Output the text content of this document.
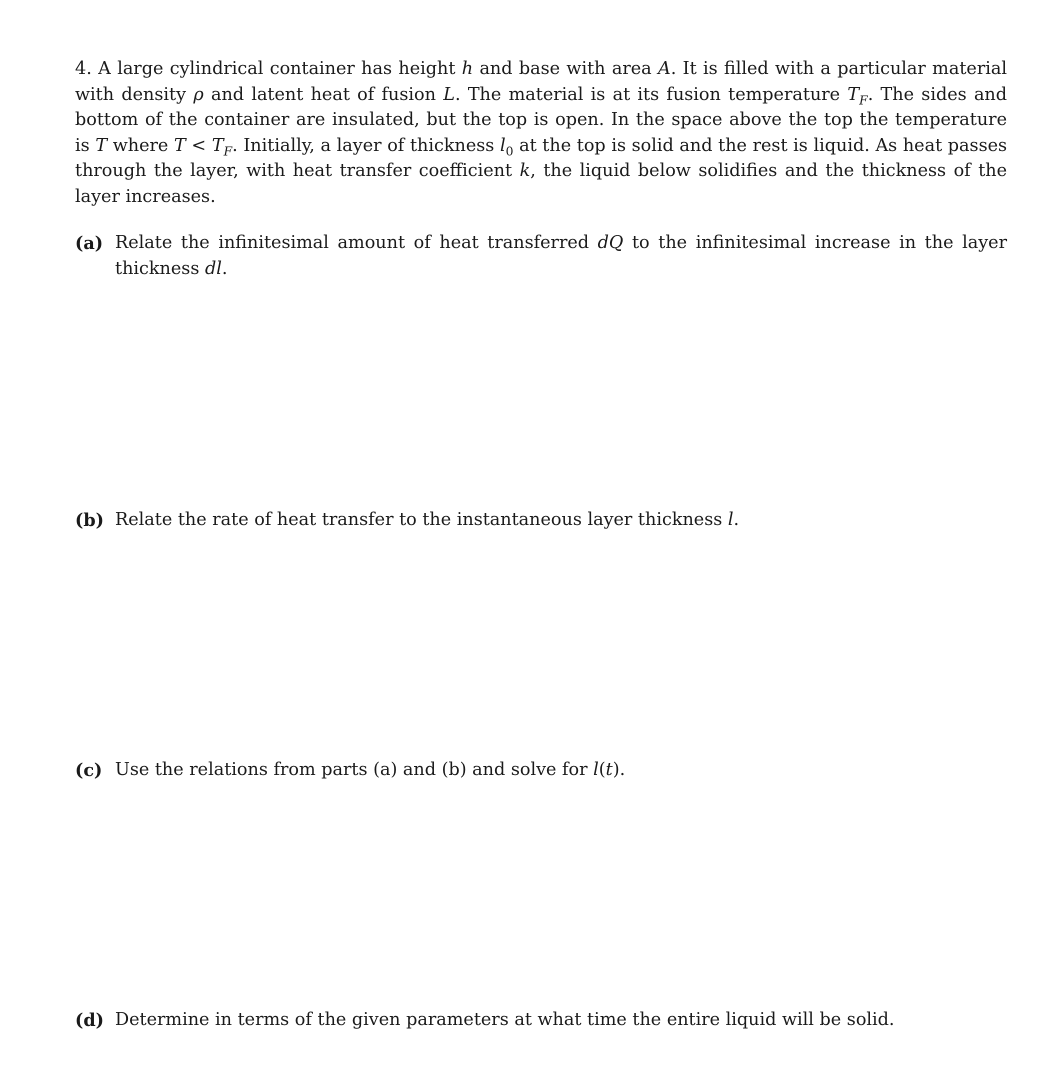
4. A large cylindrical container has height h and base with area A. It is filled with a particular material with density ρ and latent heat of fusion L. The material is at its fusion temperature $T_F$. The sides and bottom of the container are insulated, but the top is open. In the space above the top the temperature is T where $T < T_F$. Initially, a layer of thickness $l_0$ at the top is solid and the rest is liquid. As heat passes through the layer, with heat transfer coefficient k, the liquid below solidifies and the thickness of the layer increases.
(a) Relate the infinitesimal amount of heat transferred dQ to the infinitesimal increase in the layer thickness dl.
(b) Relate the rate of heat transfer to the instantaneous layer thickness l.
(c) Use the relations from parts (a) and (b) and solve for l(t).
(d) Determine in terms of the given parameters at what time the entire liquid will be solid.
